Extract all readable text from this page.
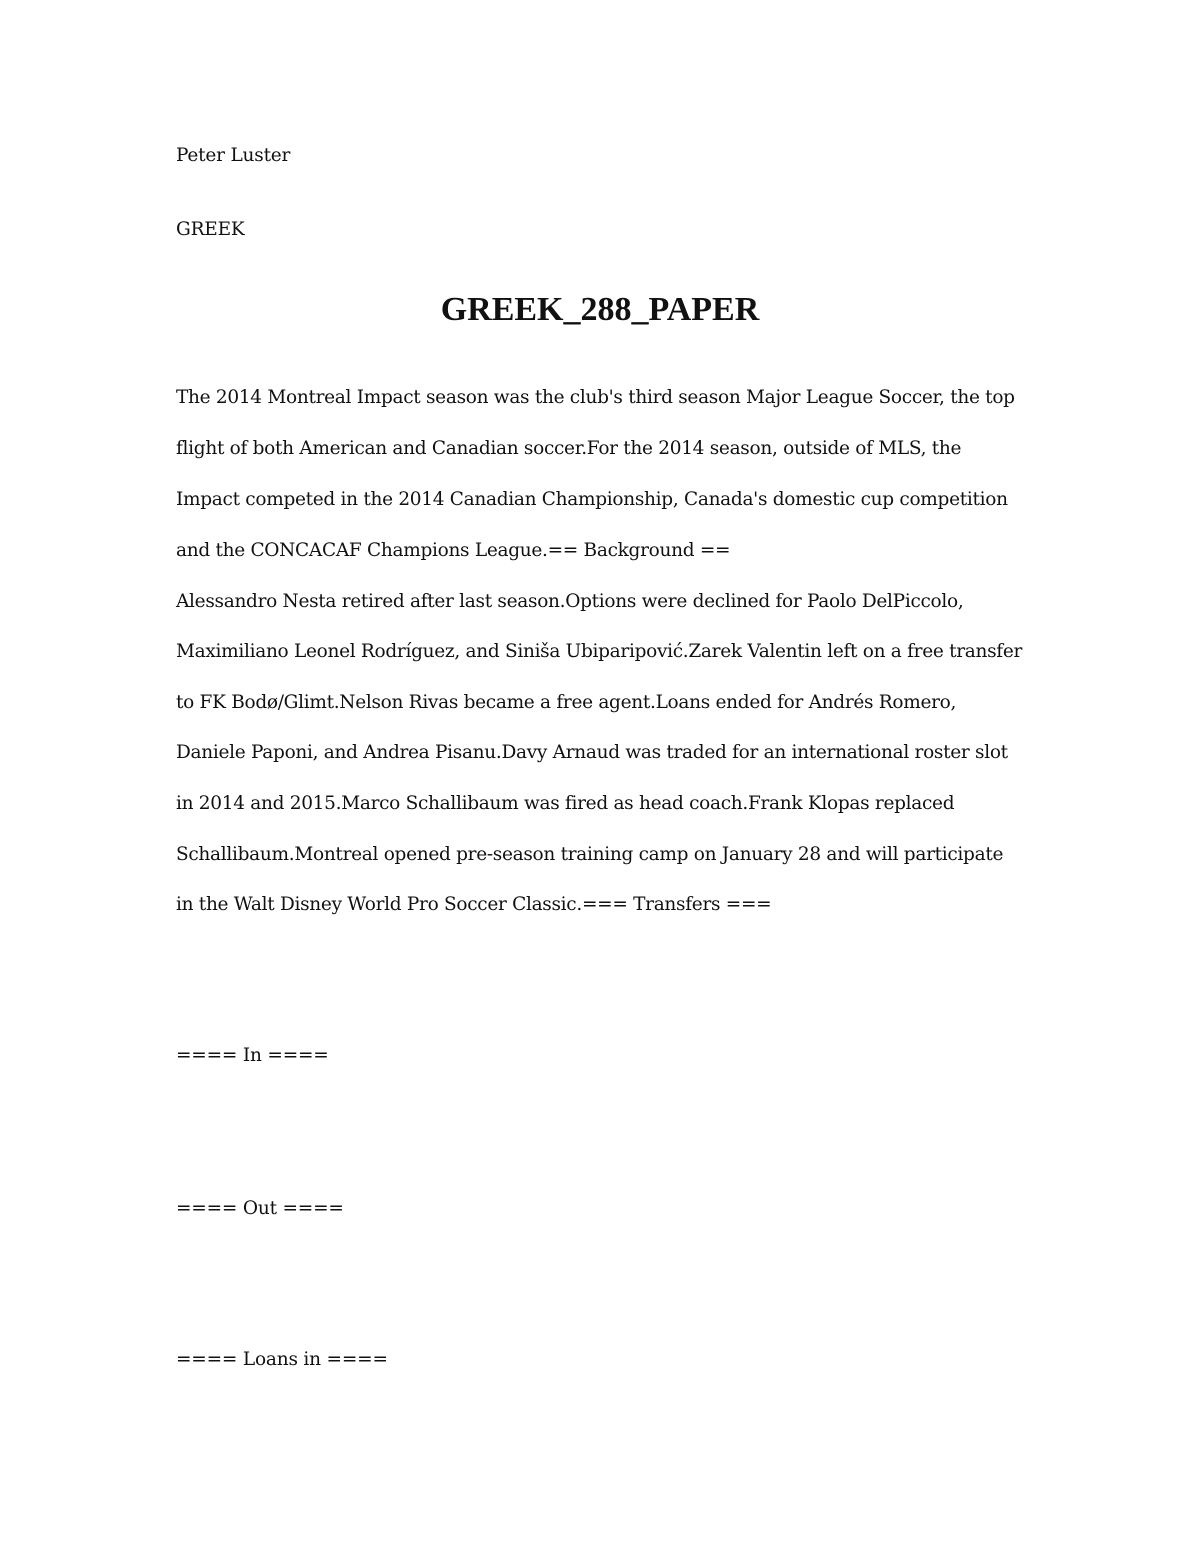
Peter Luster
GREEK
GREEK_288_PAPER
The 2014 Montreal Impact season was the club's third season Major League Soccer, the top
flight of both American and Canadian soccer.For the 2014 season, outside of MLS, the
Impact competed in the 2014 Canadian Championship, Canada's domestic cup competition
and the CONCACAF Champions League.== Background ==
Alessandro Nesta retired after last season.Options were declined for Paolo DelPiccolo,
Maximiliano Leonel Rodríguez, and Siniša Ubiparipović.Zarek Valentin left on a free transfer
to FK Bodø/Glimt.Nelson Rivas became a free agent.Loans ended for Andrés Romero,
Daniele Paponi, and Andrea Pisanu.Davy Arnaud was traded for an international roster slot
in 2014 and 2015.Marco Schallibaum was fired as head coach.Frank Klopas replaced
Schallibaum.Montreal opened pre-season training camp on January 28 and will participate
in the Walt Disney World Pro Soccer Classic.=== Transfers ===
==== In ====
==== Out ====
==== Loans in ====
